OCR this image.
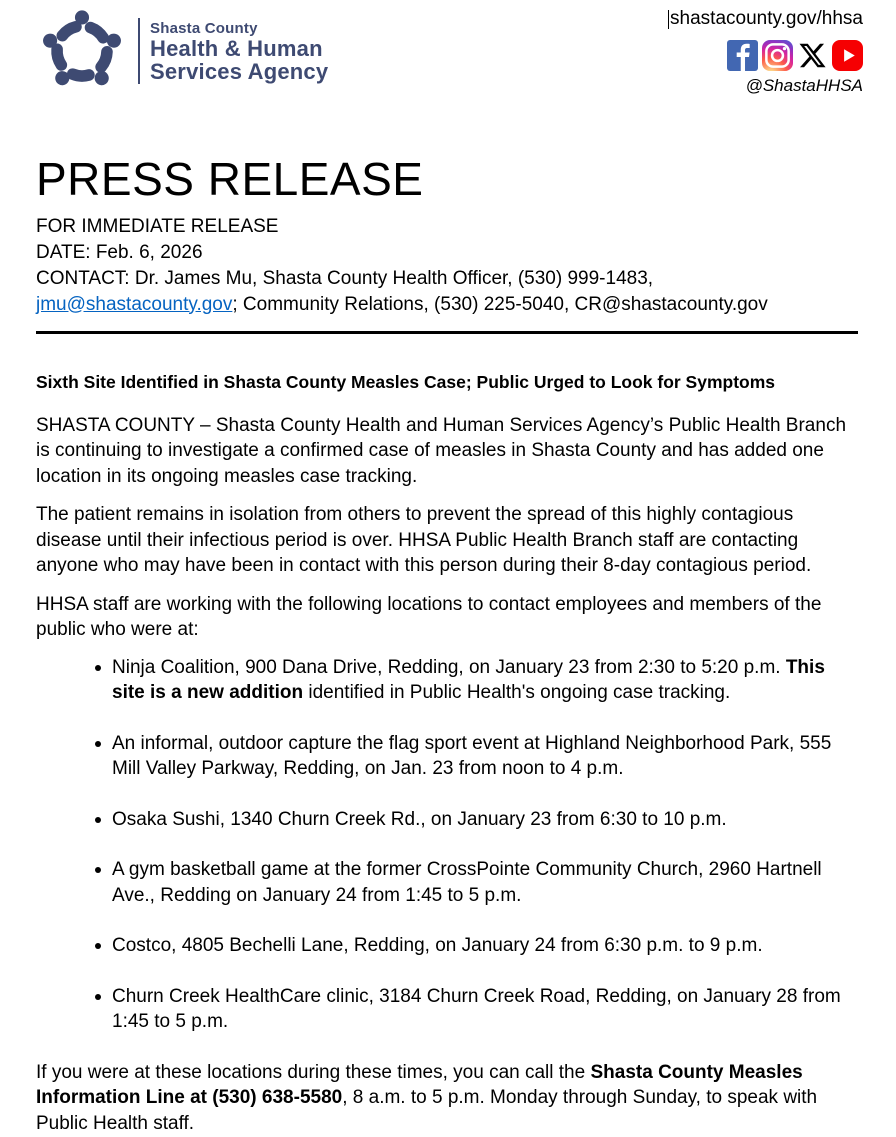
Shasta County
Health & Human
Services Agency
shastacounty.gov/hhsa
@ShastaHHSA
PRESS RELEASE
FOR IMMEDIATE RELEASE
DATE: Feb. 6, 2026
CONTACT: Dr. James Mu, Shasta County Health Officer, (530) 999-1483,
jmu@shastacounty.gov; Community Relations, (530) 225-5040, CR@shastacounty.gov
Sixth Site Identified in Shasta County Measles Case; Public Urged to Look for Symptoms

SHASTA COUNTY – Shasta County Health and Human Services Agency’s Public Health Branch is continuing to investigate a confirmed case of measles in Shasta County and has added one location in its ongoing measles case tracking.

The patient remains in isolation from others to prevent the spread of this highly contagious disease until their infectious period is over. HHSA Public Health Branch staff are contacting anyone who may have been in contact with this person during their 8-day contagious period.

HHSA staff are working with the following locations to contact employees and members of the public who were at:

Ninja Coalition, 900 Dana Drive, Redding, on January 23 from 2:30 to 5:20 p.m. This site is a new addition identified in Public Health's ongoing case tracking.
An informal, outdoor capture the flag sport event at Highland Neighborhood Park, 555 Mill Valley Parkway, Redding, on Jan. 23 from noon to 4 p.m.
Osaka Sushi, 1340 Churn Creek Rd., on January 23 from 6:30 to 10 p.m.
A gym basketball game at the former CrossPointe Community Church, 2960 Hartnell Ave., Redding on January 24 from 1:45 to 5 p.m.
Costco, 4805 Bechelli Lane, Redding, on January 24 from 6:30 p.m. to 9 p.m.
Churn Creek HealthCare clinic, 3184 Churn Creek Road, Redding, on January 28 from 1:45 to 5 p.m.

If you were at these locations during these times, you can call the Shasta County Measles Information Line at (530) 638-5580, 8 a.m. to 5 p.m. Monday through Sunday, to speak with Public Health staff.
